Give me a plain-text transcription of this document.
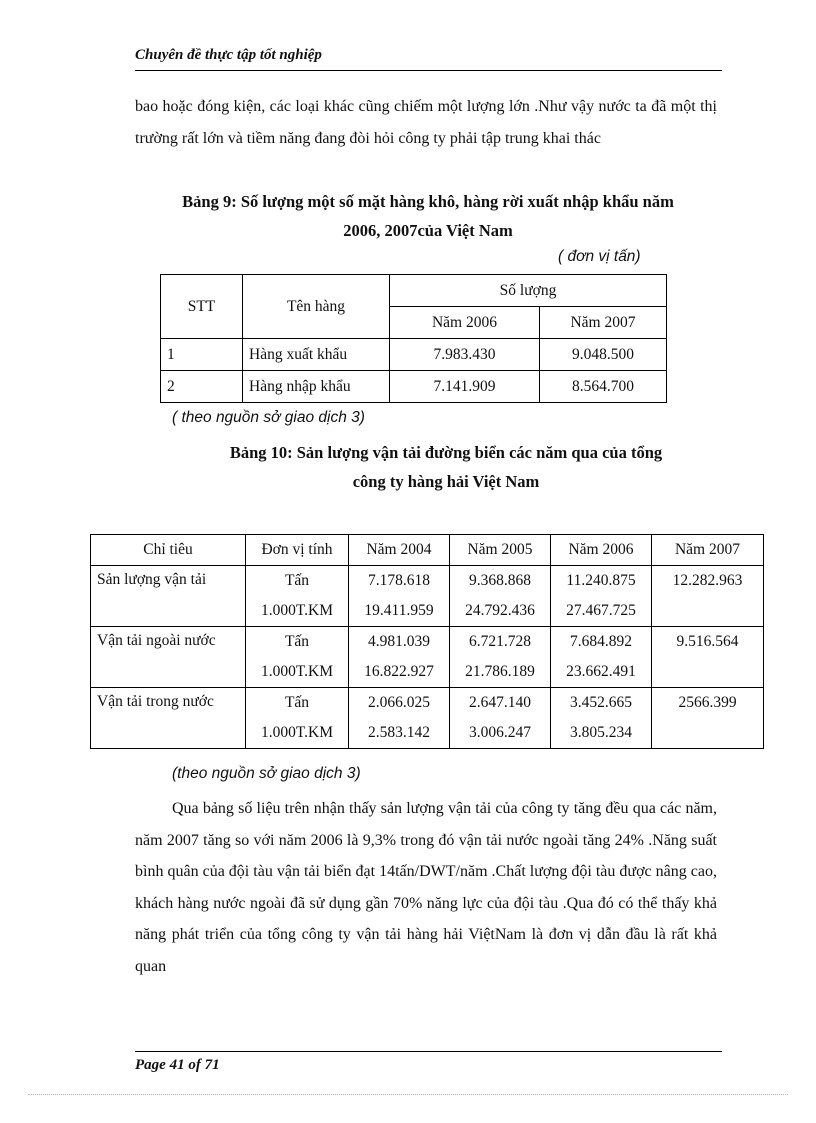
Chuyên đề thực tập tốt nghiệp

bao hoặc đóng kiện, các loại khác cũng chiếm một lượng lớn .Như vậy nước ta đã một thị trường rất lớn và tiềm năng đang đòi hỏi công ty phải tập trung khai thác

Bảng 9: Số lượng một số mặt hàng khô, hàng rời xuất nhập khẩu năm
2006, 2007của Việt Nam
( đơn vị tấn)
STT	Tên hàng	Số lượng	
		Năm 2006	Năm 2007
1	Hàng xuất khẩu	7.983.430	9.048.500
2	Hàng nhập khẩu	7.141.909	8.564.700
( theo nguồn sở giao dịch 3)
Bảng 10: Sản lượng vận tải đường biển các năm qua của tổng
công ty hàng hải Việt Nam
Chỉ tiêu	Đơn vị tính	Năm 2004	Năm 2005	Năm 2006	Năm 2007
Sản lượng vận tải	Tấn	7.178.618	9.368.868	11.240.875	12.282.963
	1.000T.KM	19.411.959	24.792.436	27.467.725	
Vận tải ngoài nước	Tấn	4.981.039	6.721.728	7.684.892	9.516.564
	1.000T.KM	16.822.927	21.786.189	23.662.491	
Vận tải trong nước	Tấn	2.066.025	2.647.140	3.452.665	2566.399
	1.000T.KM	2.583.142	3.006.247	3.805.234	
(theo nguồn sở giao dịch 3)

Qua bảng số liệu trên nhận thấy sản lượng vận tải của công ty tăng đều qua các năm, năm 2007 tăng so với năm 2006 là 9,3% trong đó vận tải nước ngoài tăng 24% .Năng suất bình quân của đội tàu vận tải biển đạt 14tấn/DWT/năm .Chất lượng đội tàu được nâng cao, khách hàng nước ngoài đã sử dụng gần 70% năng lực của đội tàu .Qua đó có thể thấy khả năng phát triển của tổng công ty vận tải hàng hải ViệtNam là đơn vị dẫn đầu là rất khả quan

Page 41 of 71
